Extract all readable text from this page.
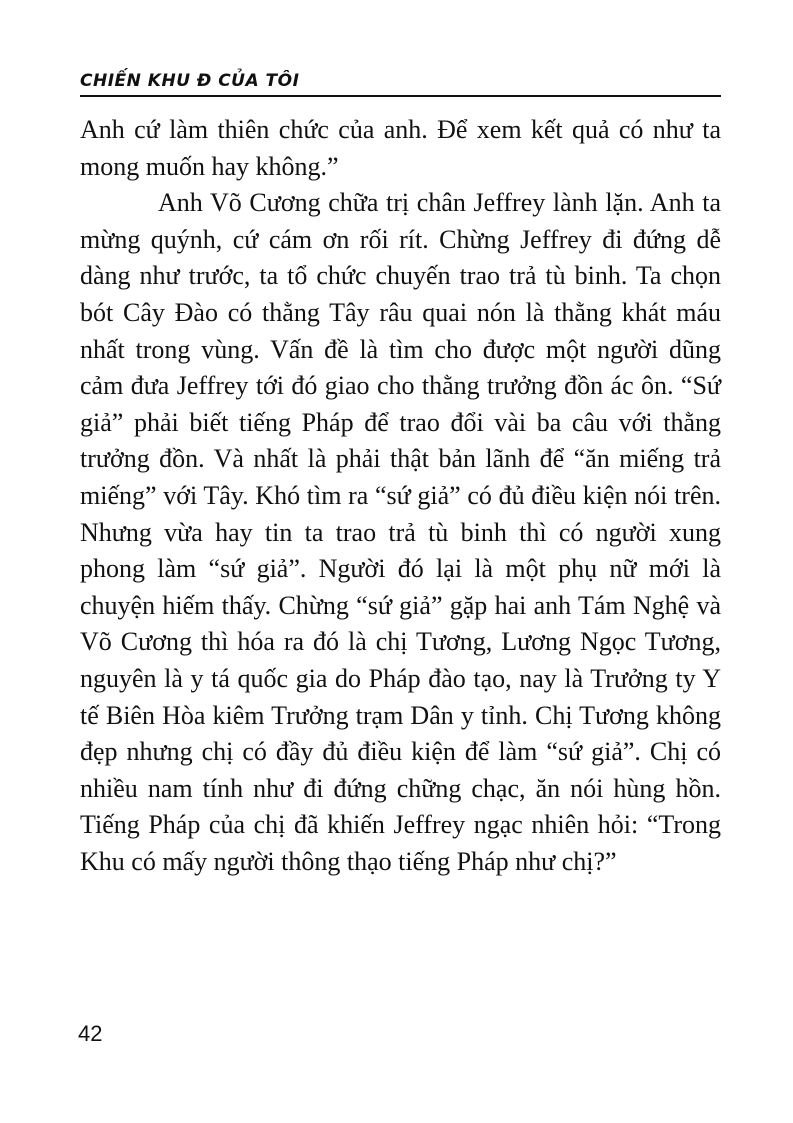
CHIẾN KHU Đ CỦA TÔI

Anh cứ làm thiên chức của anh. Để xem kết quả có như ta mong muốn hay không.”

Anh Võ Cương chữa trị chân Jeffrey lành lặn. Anh ta mừng quýnh, cứ cám ơn rối rít. Chừng Jeffrey đi đứng dễ dàng như trước, ta tổ chức chuyến trao trả tù binh. Ta chọn bót Cây Đào có thằng Tây râu quai nón là thằng khát máu nhất trong vùng. Vấn đề là tìm cho được một người dũng cảm đưa Jeffrey tới đó giao cho thằng trưởng đồn ác ôn. “Sứ giả” phải biết tiếng Pháp để trao đổi vài ba câu với thằng trưởng đồn. Và nhất là phải thật bản lãnh để “ăn miếng trả miếng” với Tây. Khó tìm ra “sứ giả” có đủ điều kiện nói trên. Nhưng vừa hay tin ta trao trả tù binh thì có người xung phong làm “sứ giả”. Người đó lại là một phụ nữ mới là chuyện hiếm thấy. Chừng “sứ giả” gặp hai anh Tám Nghệ và Võ Cương thì hóa ra đó là chị Tương, Lương Ngọc Tương, nguyên là y tá quốc gia do Pháp đào tạo, nay là Trưởng ty Y tế Biên Hòa kiêm Trưởng trạm Dân y tỉnh. Chị Tương không đẹp nhưng chị có đầy đủ điều kiện để làm “sứ giả”. Chị có nhiều nam tính như đi đứng chững chạc, ăn nói hùng hồn. Tiếng Pháp của chị đã khiến Jeffrey ngạc nhiên hỏi: “Trong Khu có mấy người thông thạo tiếng Pháp như chị?”

42
